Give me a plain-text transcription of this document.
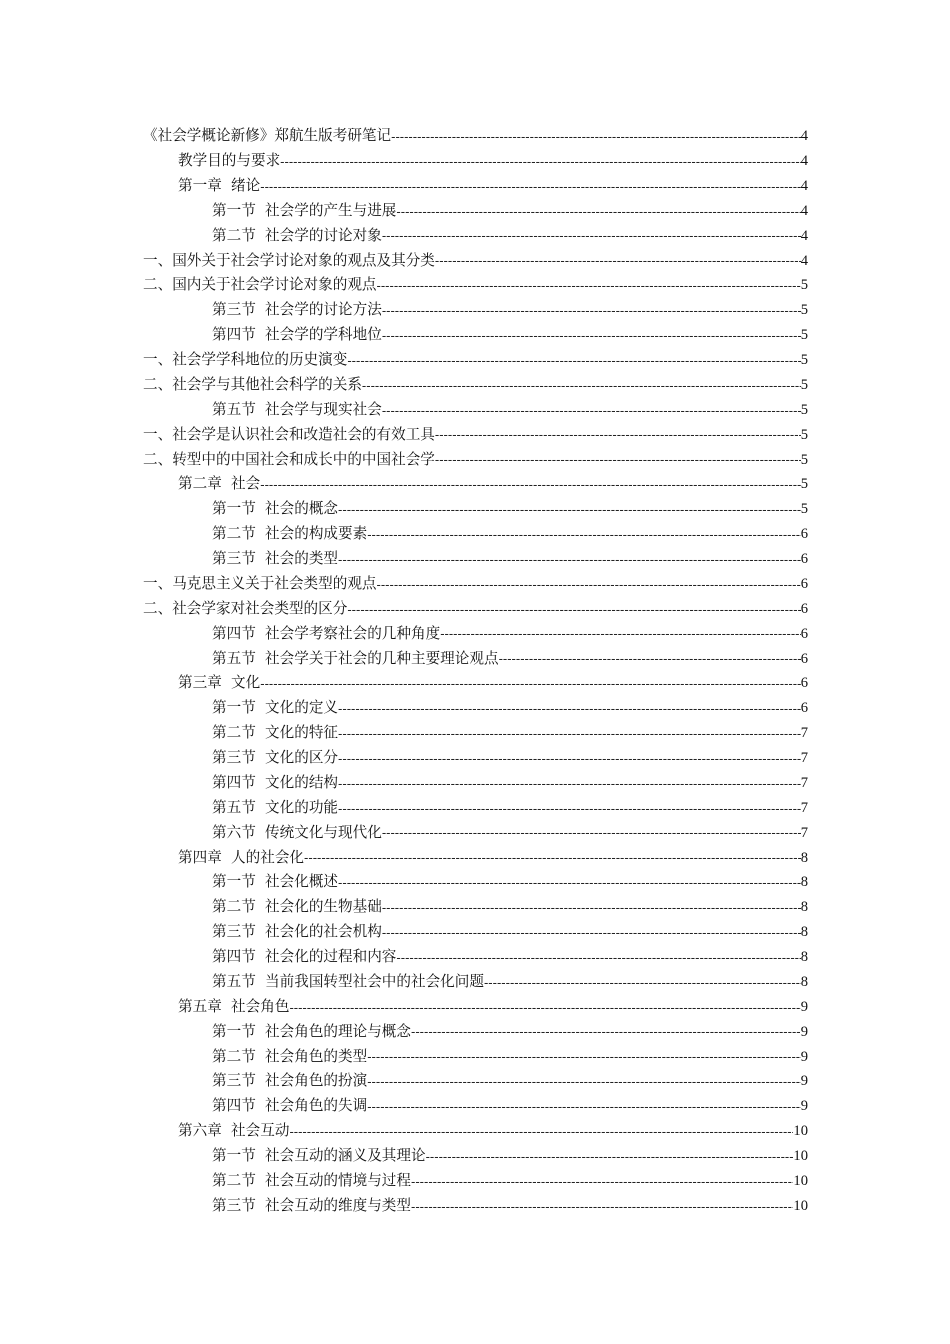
《社会学概论新修》郑航生版考研笔记 -----	4
教学目的与要求 -----	4
第一章  绪论 -----	4
第一节  社会学的产生与进展 -----	4
第二节  社会学的讨论对象 -----	4
一、国外关于社会学讨论对象的观点及其分类 -----	4
二、国内关于社会学讨论对象的观点 -----	5
第三节  社会学的讨论方法 -----	5
第四节  社会学的学科地位 -----	5
一、社会学学科地位的历史演变 -----	5
二、社会学与其他社会科学的关系 -----	5
第五节  社会学与现实社会 -----	5
一、社会学是认识社会和改造社会的有效工具 -----	5
二、转型中的中国社会和成长中的中国社会学 -----	5
第二章  社会 -----	5
第一节  社会的概念 -----	5
第二节  社会的构成要素 -----	6
第三节  社会的类型 -----	6
一、马克思主义关于社会类型的观点 -----	6
二、社会学家对社会类型的区分 -----	6
第四节  社会学考察社会的几种角度 -----	6
第五节  社会学关于社会的几种主要理论观点 -----	6
第三章  文化 -----	6
第一节  文化的定义 -----	6
第二节  文化的特征 -----	7
第三节  文化的区分 -----	7
第四节  文化的结构 -----	7
第五节  文化的功能 -----	7
第六节  传统文化与现代化 -----	7
第四章  人的社会化 -----	8
第一节  社会化概述 -----	8
第二节  社会化的生物基础 -----	8
第三节  社会化的社会机构 -----	8
第四节  社会化的过程和内容 -----	8
第五节  当前我国转型社会中的社会化问题 -----	8
第五章  社会角色 -----	9
第一节  社会角色的理论与概念 -----	9
第二节  社会角色的类型 -----	9
第三节  社会角色的扮演 -----	9
第四节  社会角色的失调 -----	9
第六章  社会互动 -----	10
第一节  社会互动的涵义及其理论 -----	10
第二节  社会互动的情境与过程 -----	10
第三节  社会互动的维度与类型 -----	10
